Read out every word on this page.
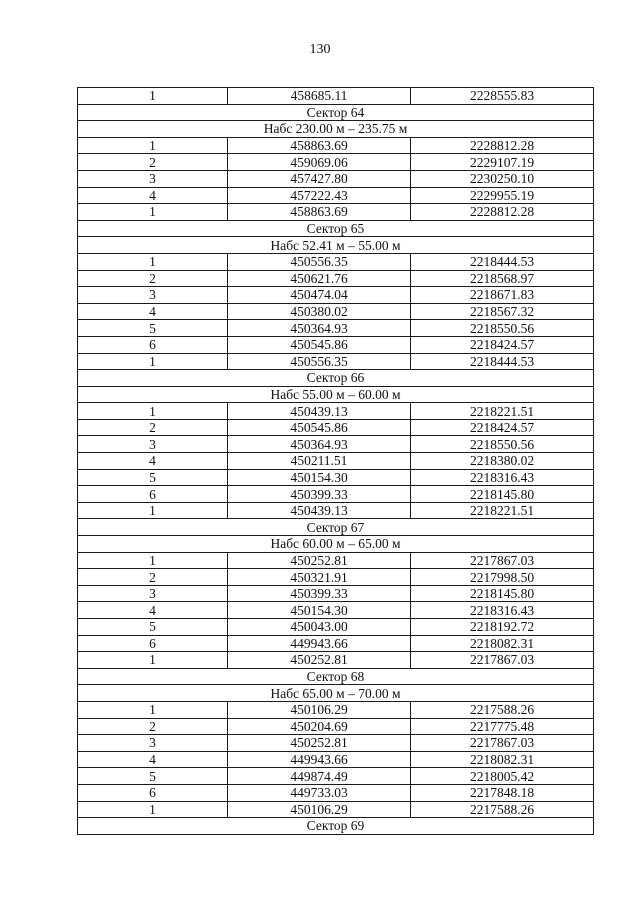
130
1	458685.11	2228555.83
Сектор 64		
Набс 230.00 м – 235.75 м		
1	458863.69	2228812.28
2	459069.06	2229107.19
3	457427.80	2230250.10
4	457222.43	2229955.19
1	458863.69	2228812.28
Сектор 65		
Набс 52.41 м – 55.00 м		
1	450556.35	2218444.53
2	450621.76	2218568.97
3	450474.04	2218671.83
4	450380.02	2218567.32
5	450364.93	2218550.56
6	450545.86	2218424.57
1	450556.35	2218444.53
Сектор 66		
Набс 55.00 м – 60.00 м		
1	450439.13	2218221.51
2	450545.86	2218424.57
3	450364.93	2218550.56
4	450211.51	2218380.02
5	450154.30	2218316.43
6	450399.33	2218145.80
1	450439.13	2218221.51
Сектор 67		
Набс 60.00 м – 65.00 м		
1	450252.81	2217867.03
2	450321.91	2217998.50
3	450399.33	2218145.80
4	450154.30	2218316.43
5	450043.00	2218192.72
6	449943.66	2218082.31
1	450252.81	2217867.03
Сектор 68		
Набс 65.00 м – 70.00 м		
1	450106.29	2217588.26
2	450204.69	2217775.48
3	450252.81	2217867.03
4	449943.66	2218082.31
5	449874.49	2218005.42
6	449733.03	2217848.18
1	450106.29	2217588.26
Сектор 69		
